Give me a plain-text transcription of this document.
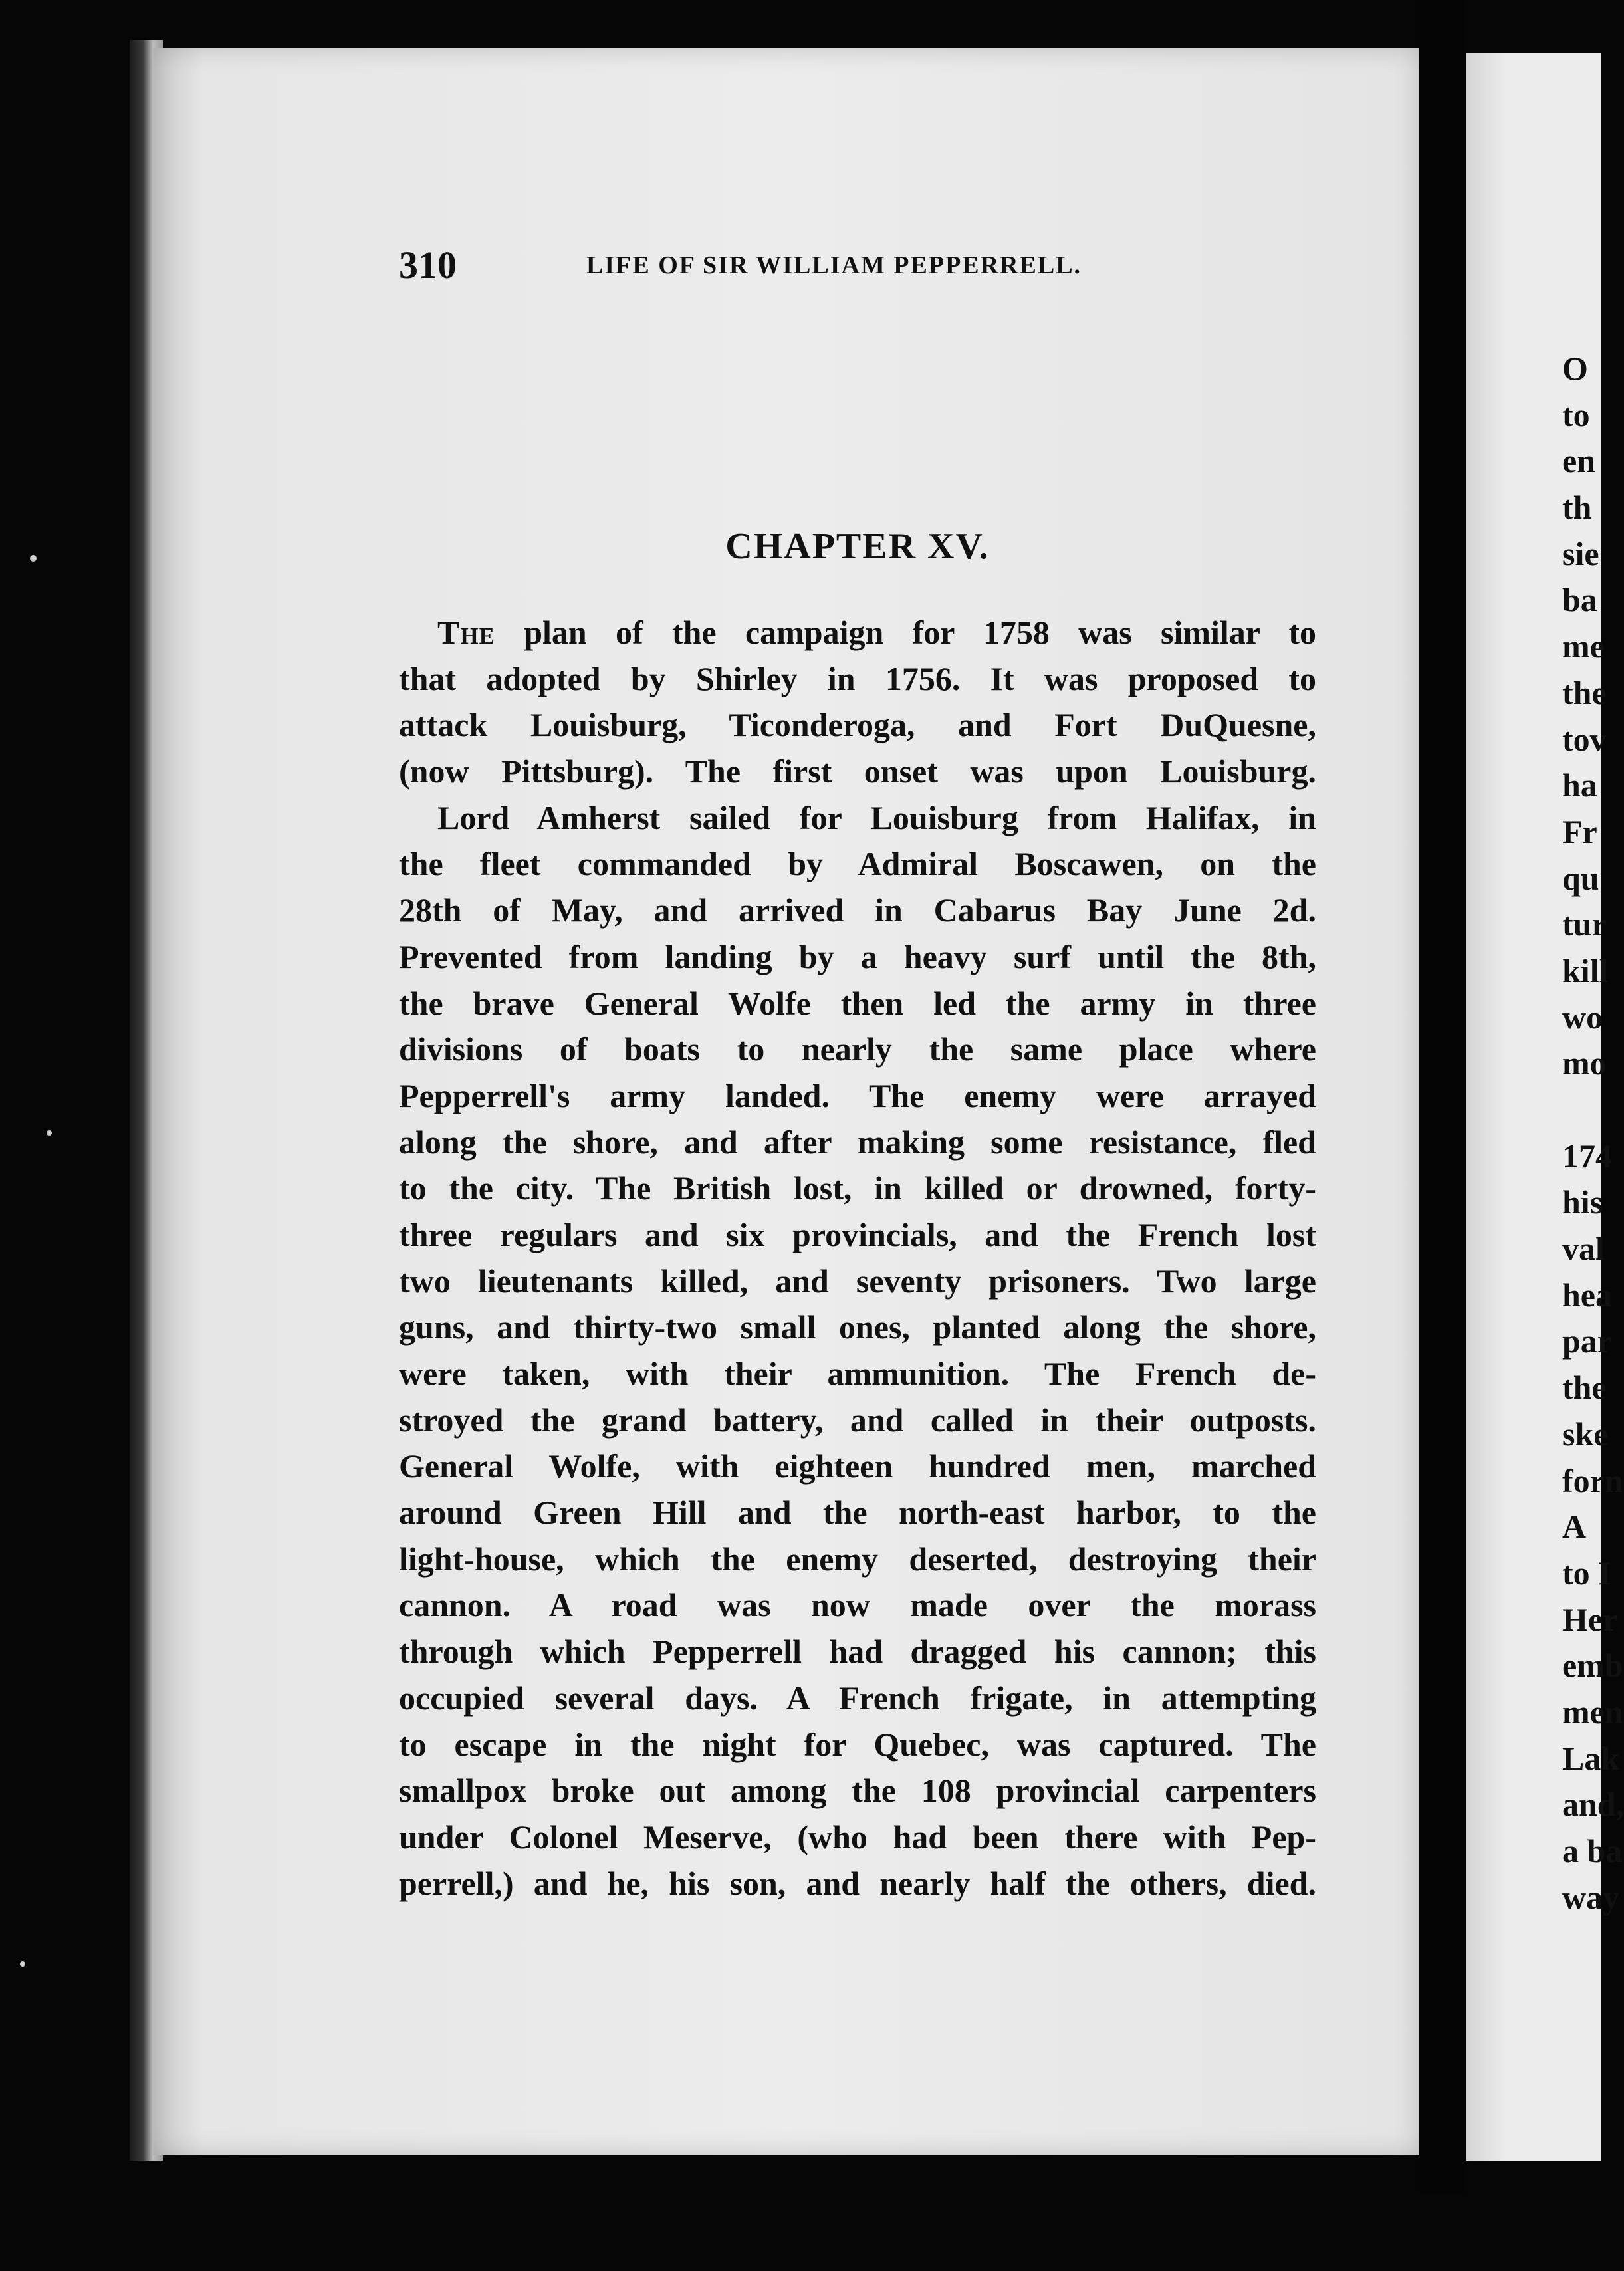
310	LIFE OF SIR WILLIAM PEPPERRELL.
CHAPTER XV.
The plan of the campaign for 1758 was similar to
that adopted by Shirley in 1756. It was proposed to
attack Louisburg, Ticonderoga, and Fort DuQuesne,
(now Pittsburg). The first onset was upon Louisburg.
Lord Amherst sailed for Louisburg from Halifax, in
the fleet commanded by Admiral Boscawen, on the
28th of May, and arrived in Cabarus Bay June 2d.
Prevented from landing by a heavy surf until the 8th,
the brave General Wolfe then led the army in three
divisions of boats to nearly the same place where
Pepperrell's army landed. The enemy were arrayed
along the shore, and after making some resistance, fled
to the city. The British lost, in killed or drowned, forty-
three regulars and six provincials, and the French lost
two lieutenants killed, and seventy prisoners. Two large
guns, and thirty-two small ones, planted along the shore,
were taken, with their ammunition. The French de-
stroyed the grand battery, and called in their outposts.
General Wolfe, with eighteen hundred men, marched
around Green Hill and the north-east harbor, to the
light-house, which the enemy deserted, destroying their
cannon. A road was now made over the morass
through which Pepperrell had dragged his cannon; this
occupied several days. A French frigate, in attempting
to escape in the night for Quebec, was captured. The
smallpox broke out among the 108 provincial carpenters
under Colonel Meserve, (who had been there with Pep-
perrell,) and he, his son, and nearly half the others, died.
O
to
en
th
sie
ba
me
the
tov
ha
Fr
qu
tur
kill
wo
mo
174
his
val
hea
par
the
ske
forn
A
to I
Her
emb
men
Lak
and,
a ba
way
